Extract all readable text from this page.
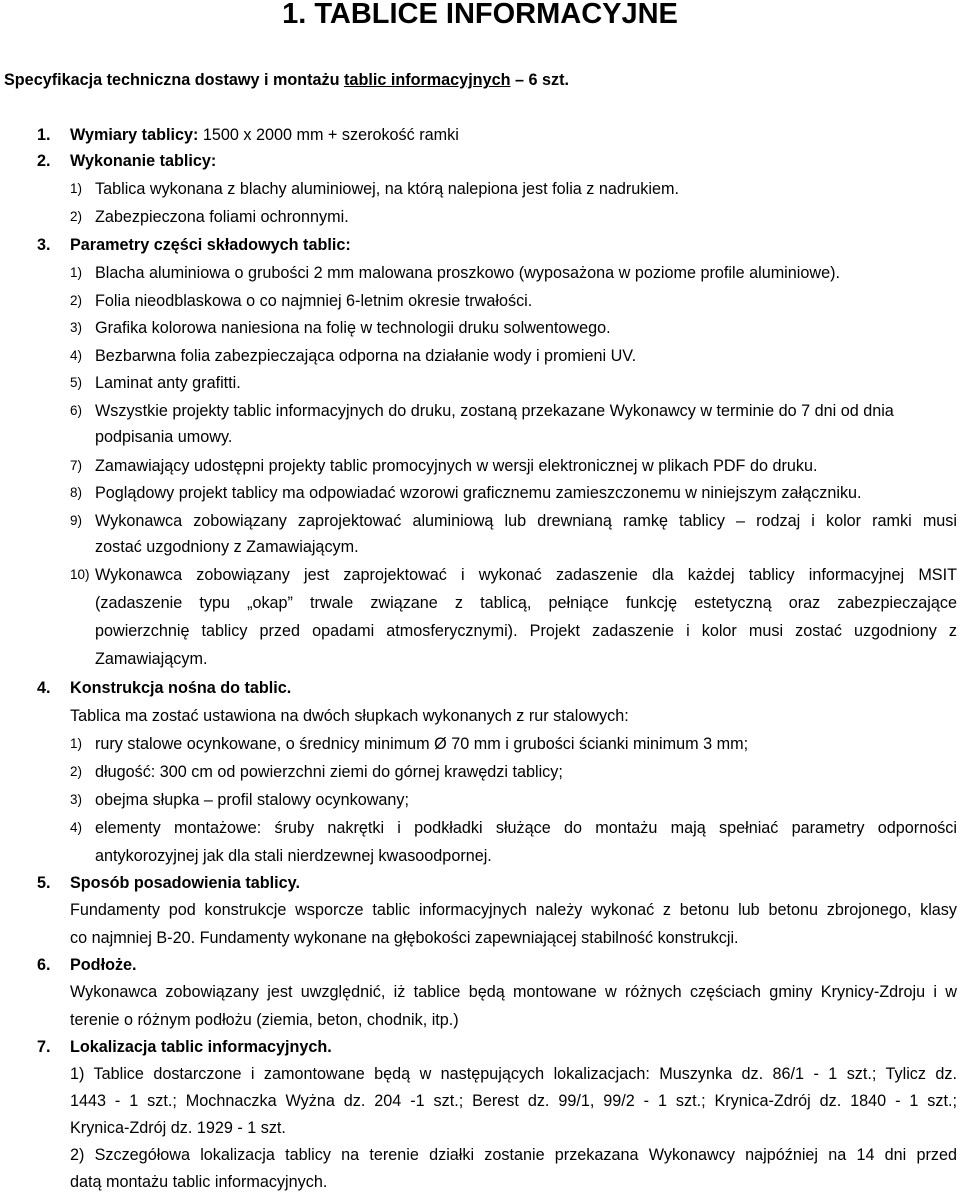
1. TABLICE INFORMACYJNE
Specyfikacja techniczna dostawy i montażu tablic informacyjnych – 6 szt.
1. Wymiary tablicy: 1500 x 2000 mm + szerokość ramki
2. Wykonanie tablicy:
1) Tablica wykonana z blachy aluminiowej, na którą nalepiona jest folia z nadrukiem.
2) Zabezpieczona foliami ochronnymi.
3. Parametry części składowych tablic:
1) Blacha aluminiowa o grubości 2 mm malowana proszkowo (wyposażona w poziome profile aluminiowe).
2) Folia nieodblaskowa o co najmniej 6-letnim okresie trwałości.
3) Grafika kolorowa naniesiona na folię w technologii druku solwentowego.
4) Bezbarwna folia zabezpieczająca odporna na działanie wody i promieni UV.
5) Laminat anty grafitti.
6) Wszystkie projekty tablic informacyjnych do druku, zostaną przekazane Wykonawcy w terminie do 7 dni od dnia
podpisania umowy.
7) Zamawiający udostępni projekty tablic promocyjnych w wersji elektronicznej w plikach PDF do druku.
8) Poglądowy projekt tablicy ma odpowiadać wzorowi graficznemu zamieszczonemu w niniejszym załączniku.
9) Wykonawca zobowiązany zaprojektować aluminiową lub drewnianą ramkę tablicy – rodzaj i kolor ramki musi
zostać uzgodniony z Zamawiającym.
10) Wykonawca zobowiązany jest zaprojektować i wykonać zadaszenie dla każdej tablicy informacyjnej MSIT
(zadaszenie typu „okap” trwale związane z tablicą, pełniące funkcję estetyczną oraz zabezpieczające
powierzchnię tablicy przed opadami atmosferycznymi). Projekt zadaszenie i kolor musi zostać uzgodniony z
Zamawiającym.
4. Konstrukcja nośna do tablic.
Tablica ma zostać ustawiona na dwóch słupkach wykonanych z rur stalowych:
1) rury stalowe ocynkowane, o średnicy minimum Ø 70 mm i grubości ścianki minimum 3 mm;
2) długość: 300 cm od powierzchni ziemi do górnej krawędzi tablicy;
3) obejma słupka – profil stalowy ocynkowany;
4) elementy montażowe: śruby nakrętki i podkładki służące do montażu mają spełniać parametry odporności
antykorozyjnej jak dla stali nierdzewnej kwasoodpornej.
5. Sposób posadowienia tablicy.
Fundamenty pod konstrukcje wsporcze tablic informacyjnych należy wykonać z betonu lub betonu zbrojonego, klasy
co najmniej B-20. Fundamenty wykonane na głębokości zapewniającej stabilność konstrukcji.
6. Podłoże.
Wykonawca zobowiązany jest uwzględnić, iż tablice będą montowane w różnych częściach gminy Krynicy-Zdroju i w
terenie o różnym podłożu (ziemia, beton, chodnik, itp.)
7. Lokalizacja tablic informacyjnych.
1) Tablice dostarczone i zamontowane będą w następujących lokalizacjach: Muszynka dz. 86/1 - 1 szt.; Tylicz dz.
1443 - 1 szt.; Mochnaczka Wyżna dz. 204 -1 szt.; Berest dz. 99/1, 99/2 - 1 szt.; Krynica-Zdrój dz. 1840 - 1 szt.;
Krynica-Zdrój dz. 1929 - 1 szt.
2) Szczegółowa lokalizacja tablicy na terenie działki zostanie przekazana Wykonawcy najpóźniej na 14 dni przed
datą montażu tablic informacyjnych.
